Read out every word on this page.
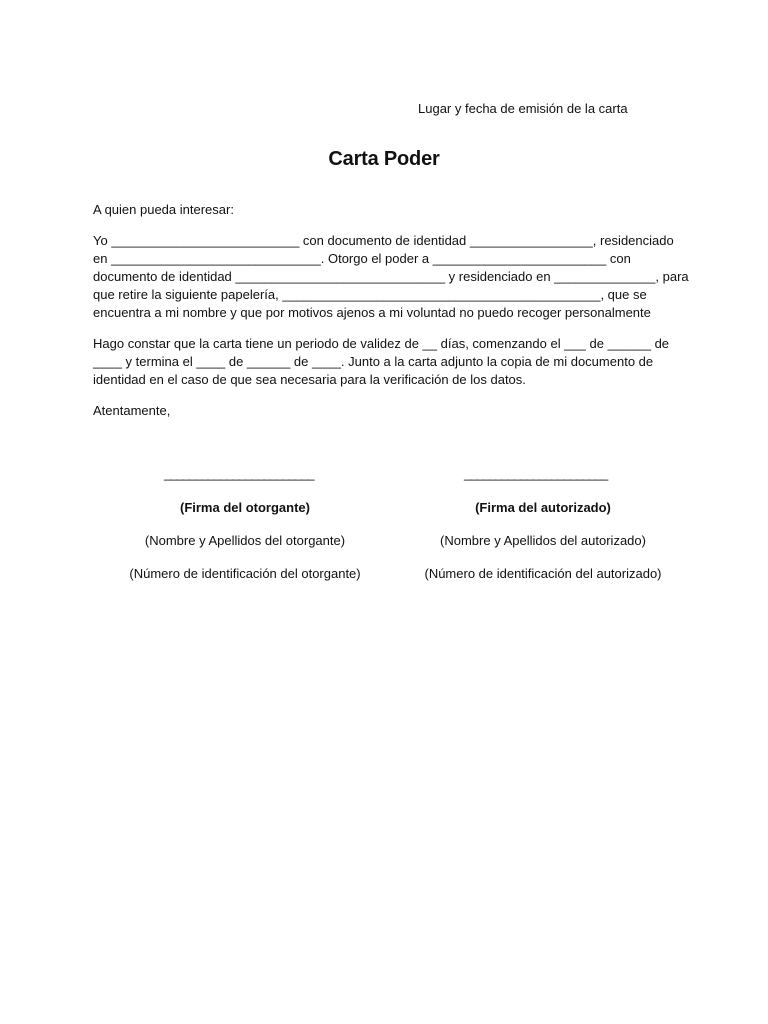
Lugar y fecha de emisión de la carta
Carta Poder
A quien pueda interesar:
Yo __________________________ con documento de identidad _________________, residenciado
en _____________________________. Otorgo el poder a ________________________ con
documento de identidad _____________________________ y residenciado en ______________, para
que retire la siguiente papelería, ____________________________________________, que se
encuentra a mi nombre y que por motivos ajenos a mi voluntad no puedo recoger personalmente
Hago constar que la carta tiene un periodo de validez de __ días, comenzando el ___ de ______ de
____ y termina el ____ de ______ de ____. Junto a la carta adjunto la copia de mi documento de
identidad en el caso de que sea necesaria para la verificación de los datos.
Atentamente,
________________________	_______________________
(Firma del otorgante)	(Firma del autorizado)
(Nombre y Apellidos del otorgante)	(Nombre y Apellidos del autorizado)
(Número de identificación del otorgante)	(Número de identificación del autorizado)
